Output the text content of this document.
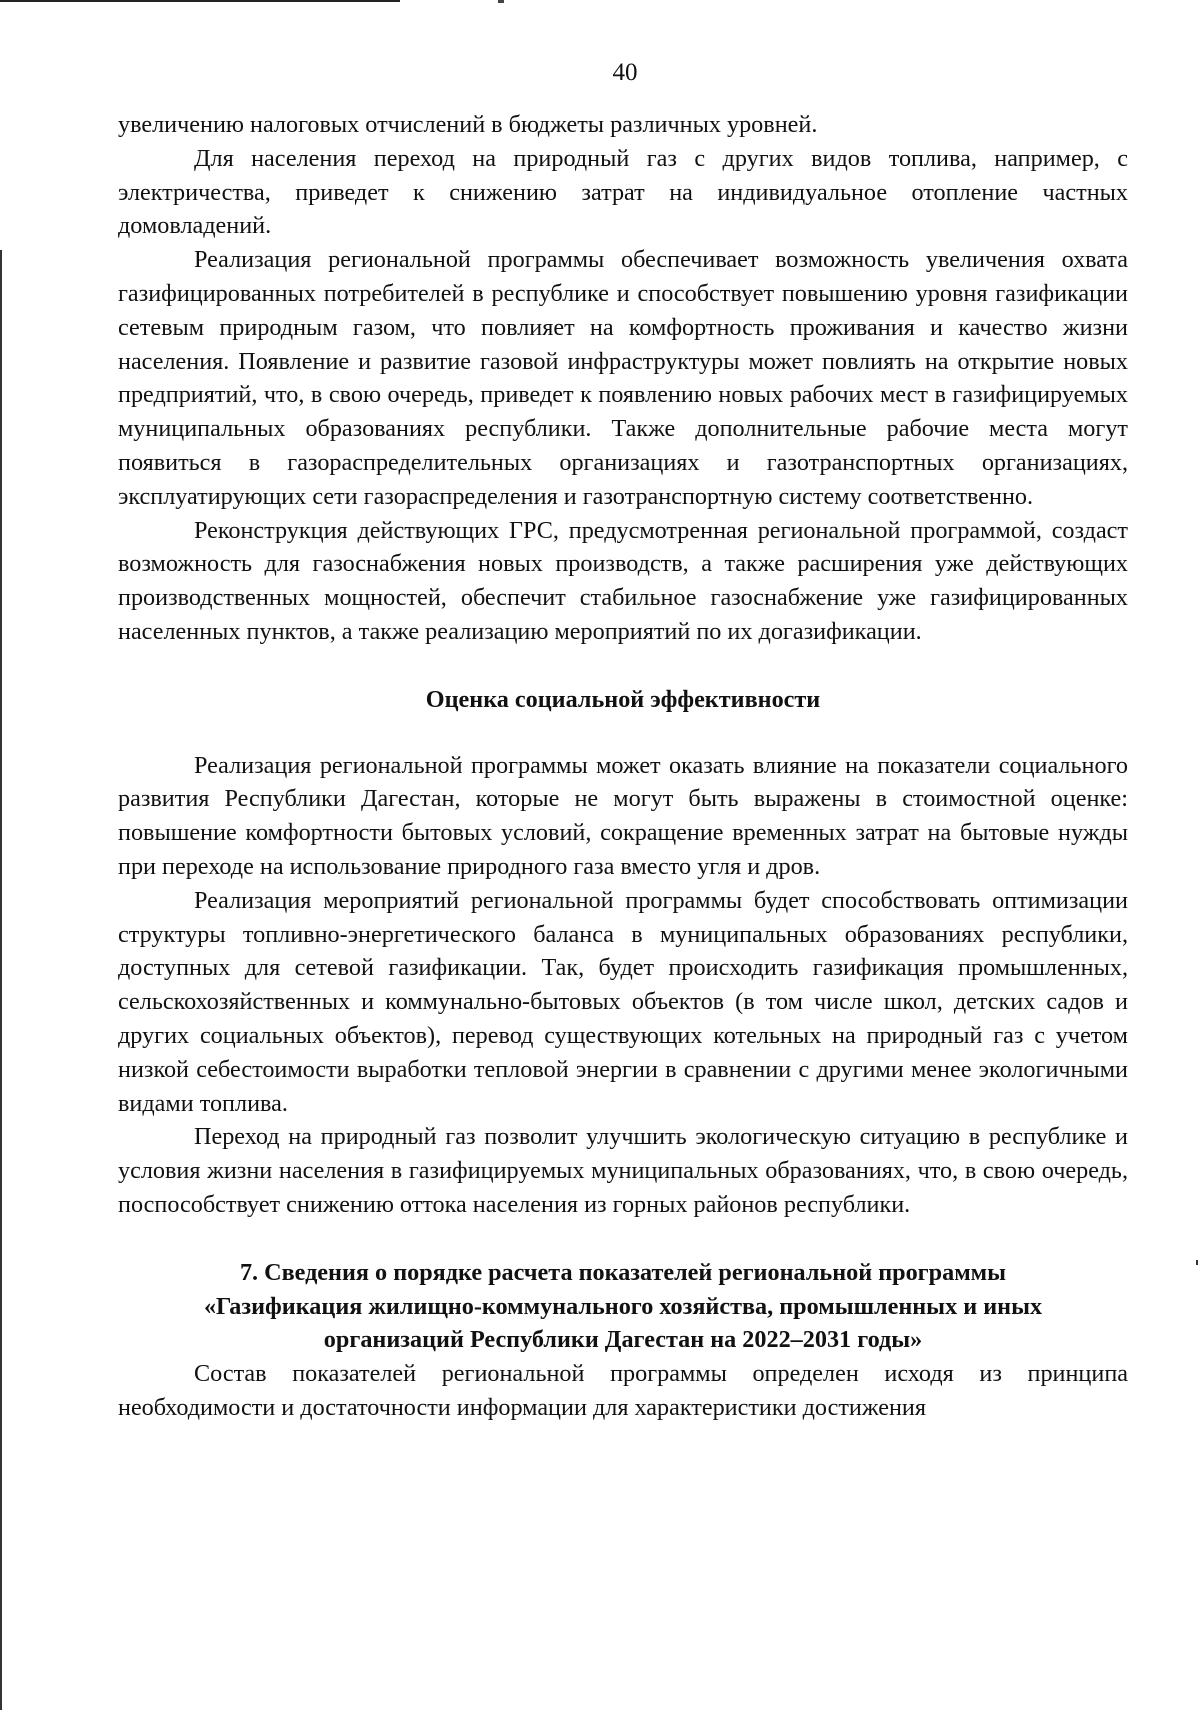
40

увеличению налоговых отчислений в бюджеты различных уровней.

Для населения переход на природный газ с других видов топлива, например, с электричества, приведет к снижению затрат на индивидуальное отопление частных домовладений.

Реализация региональной программы обеспечивает возможность увеличения охвата газифицированных потребителей в республике и способствует повышению уровня газификации сетевым природным газом, что повлияет на комфортность проживания и качество жизни населения. Появление и развитие газовой инфраструктуры может повлиять на открытие новых предприятий, что, в свою очередь, приведет к появлению новых рабочих мест в газифицируемых муниципальных образованиях республики. Также дополнительные рабочие места могут появиться в газораспределительных организациях и газотранспортных организациях, эксплуатирующих сети газораспределения и газотранспортную систему соответственно.

Реконструкция действующих ГРС, предусмотренная региональной программой, создаст возможность для газоснабжения новых производств, а также расширения уже действующих производственных мощностей, обеспечит стабильное газоснабжение уже газифицированных населенных пунктов, а также реализацию мероприятий по их догазификации.

Оценка социальной эффективности

Реализация региональной программы может оказать влияние на показатели социального развития Республики Дагестан, которые не могут быть выражены в стоимостной оценке: повышение комфортности бытовых условий, сокращение временных затрат на бытовые нужды при переходе на использование природного газа вместо угля и дров.

Реализация мероприятий региональной программы будет способствовать оптимизации структуры топливно-энергетического баланса в муниципальных образованиях республики, доступных для сетевой газификации. Так, будет происходить газификация промышленных, сельскохозяйственных и коммунально-бытовых объектов (в том числе школ, детских садов и других социальных объектов), перевод существующих котельных на природный газ с учетом низкой себестоимости выработки тепловой энергии в сравнении с другими менее экологичными видами топлива.

Переход на природный газ позволит улучшить экологическую ситуацию в республике и условия жизни населения в газифицируемых муниципальных образованиях, что, в свою очередь, поспособствует снижению оттока населения из горных районов республики.

7. Сведения о порядке расчета показателей региональной программы
«Газификация жилищно-коммунального хозяйства, промышленных и иных
организаций Республики Дагестан на 2022–2031 годы»

Состав показателей региональной программы определен исходя из принципа необходимости и достаточности информации для характеристики достижения
